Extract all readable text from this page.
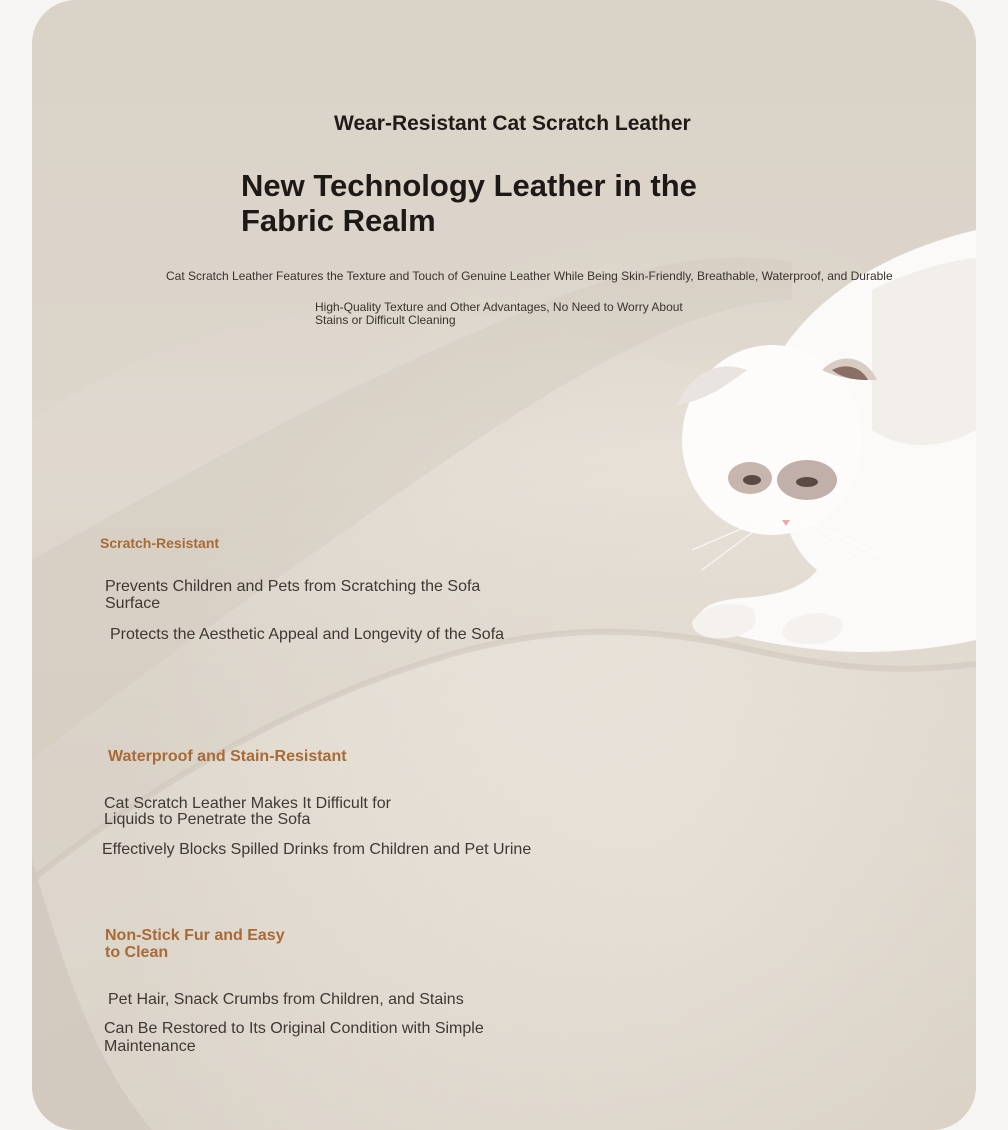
Wear-Resistant Cat Scratch Leather
New Technology Leather in the Fabric Realm
Cat Scratch Leather Features the Texture and Touch of Genuine Leather While Being Skin-Friendly, Breathable, Waterproof, and Durable
High-Quality Texture and Other Advantages, No Need to Worry About Stains or Difficult Cleaning
Scratch-Resistant
Prevents Children and Pets from Scratching the Sofa Surface
Protects the Aesthetic Appeal and Longevity of the Sofa
Waterproof and Stain-Resistant
Cat Scratch Leather Makes It Difficult for Liquids to Penetrate the Sofa
Effectively Blocks Spilled Drinks from Children and Pet Urine
Non-Stick Fur and Easy to Clean
Pet Hair, Snack Crumbs from Children, and Stains
Can Be Restored to Its Original Condition with Simple Maintenance
